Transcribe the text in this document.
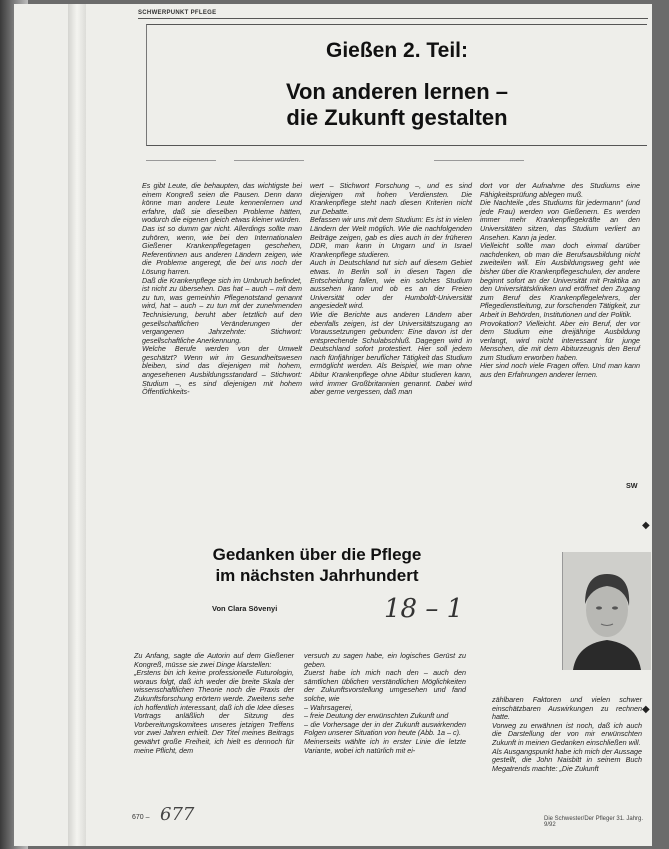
SCHWERPUNKT PFLEGE
Gießen 2. Teil:
Von anderen lernen –
die Zukunft gestalten
Es gibt Leute, die behaupten, das wichtigste bei einem Kongreß seien die Pausen. Denn dann könne man andere Leute kennenlernen und erfahre, daß sie dieselben Probleme hätten, wodurch die eigenen gleich etwas kleiner würden.
Das ist so dumm gar nicht. Allerdings sollte man zuhören, wenn, wie bei den Internationalen Gießener Krankenpflegetagen geschehen, Referentinnen aus anderen Ländern zeigen, wie die Probleme angeregt, die bei uns noch der Lösung harren.
Daß die Krankenpflege sich im Umbruch befindet, ist nicht zu übersehen. Das hat – auch – mit dem zu tun, was gemeinhin Pflegenotstand genannt wird, hat – auch – zu tun mit der zunehmenden Technisierung, beruht aber letztlich auf den gesellschaftlichen Veränderungen der vergangenen Jahrzehnte: Stichwort: gesellschaftliche Anerkennung.
Welche Berufe werden von der Umwelt geschätzt? Wenn wir im Gesundheitswesen bleiben, sind das diejenigen mit hohem, angesehenen Ausbildungsstandard – Stichwort: Studium –, es sind diejenigen mit hohem Öffentlichkeits-
wert – Stichwort Forschung –, und es sind diejenigen mit hohen Verdiensten. Die Krankenpflege steht nach diesen Kriterien nicht zur Debatte.
Befassen wir uns mit dem Studium: Es ist in vielen Ländern der Welt möglich. Wie die nachfolgenden Beiträge zeigen, gab es dies auch in der früheren DDR, man kann in Ungarn und in Israel Krankenpflege studieren.
Auch in Deutschland tut sich auf diesem Gebiet etwas. In Berlin soll in diesen Tagen die Entscheidung fallen, wie ein solches Studium aussehen kann und ob es an der Freien Universität oder der Humboldt-Universität angesiedelt wird.
Wie die Berichte aus anderen Ländern aber ebenfalls zeigen, ist der Universitätszugang an Voraussetzungen gebunden: Eine davon ist der entsprechende Schulabschluß. Dagegen wird in Deutschland sofort protestiert. Hier soll jedem nach fünfjähriger beruflicher Tätigkeit das Studium ermöglicht werden. Als Beispiel, wie man ohne Abitur Krankenpflege ohne Abitur studieren kann, wird immer Großbritannien genannt. Dabei wird aber gerne vergessen, daß man
dort vor der Aufnahme des Studiums eine Fähigkeitsprüfung ablegen muß.
Die Nachteile „des Studiums für jedermann“ (und jede Frau) werden von Gießenern. Es werden immer mehr Krankenpflegekräfte an den Universitäten sitzen, das Studium verliert an Ansehen. Kann ja jeder.
Vielleicht sollte man doch einmal darüber nachdenken, ob man die Berufsausbildung nicht zweiteilen will. Ein Ausbildungsweg geht wie bisher über die Krankenpflegeschulen, der andere beginnt sofort an der Universität mit Praktika an den Universitätskliniken und eröffnet den Zugang zum Beruf des Krankenpflegelehrers, der Pflegedienstleitung, zur forschenden Tätigkeit, zur Arbeit in Behörden, Institutionen und der Politik.
Provokation? Vielleicht. Aber ein Beruf, der vor dem Studium eine dreijährige Ausbildung verlangt, wird nicht interessant für junge Menschen, die mit dem Abiturzeugnis den Beruf zum Studium erworben haben.
Hier sind noch viele Fragen offen. Und man kann aus den Erfahrungen anderer lernen.
SW
Gedanken über die Pflege
im nächsten Jahrhundert
Von Clara Sövenyi	18 – 1
Zu Anfang, sagte die Autorin auf dem Gießener Kongreß, müsse sie zwei Dinge klarstellen:
„Erstens bin ich keine professionelle Futurologin, woraus folgt, daß ich weder die breite Skala der wissenschaftlichen Theorie noch die Praxis der Zukunftsforschung erörtern werde. Zweitens sehe ich hoffentlich interessant, daß ich die Idee dieses Vortrags anläßlich der Sitzung des Vorbereitungskomitees unseres jetzigen Treffens vor zwei Jahren erhielt. Der Titel meines Beitrags gewährt große Freiheit, ich hielt es dennoch für meine Pflicht, dem
versuch zu sagen habe, ein logisches Gerüst zu geben.
Zuerst habe ich mich nach den – auch den sämtlichen üblichen verständlichen Möglichkeiten der Zukunftsvorstellung umgesehen und fand solche, wie
– Wahrsagerei,
– freie Deutung der erwünschten Zukunft und
– die Vorhersage der in der Zukunft auswirkenden Folgen unserer Situation von heute (Abb. 1a – c).
Meinerseits wählte ich in erster Linie die letzte Variante, wobei ich natürlich mit ei-
zählbaren Faktoren und vielen schwer einschätzbaren Auswirkungen zu rechnen hatte.
Vorweg zu erwähnen ist noch, daß ich auch die Darstellung der von mir erwünschten Zukunft in meinen Gedanken einschließen will.
Als Ausgangspunkt habe ich mich der Aussage gestellt, die John Naisbitt in seinem Buch Megatrends machte: „Die Zukunft
670 – 677	Die Schwester/Der Pfleger 31. Jahrg. 9/92
◆
◆
